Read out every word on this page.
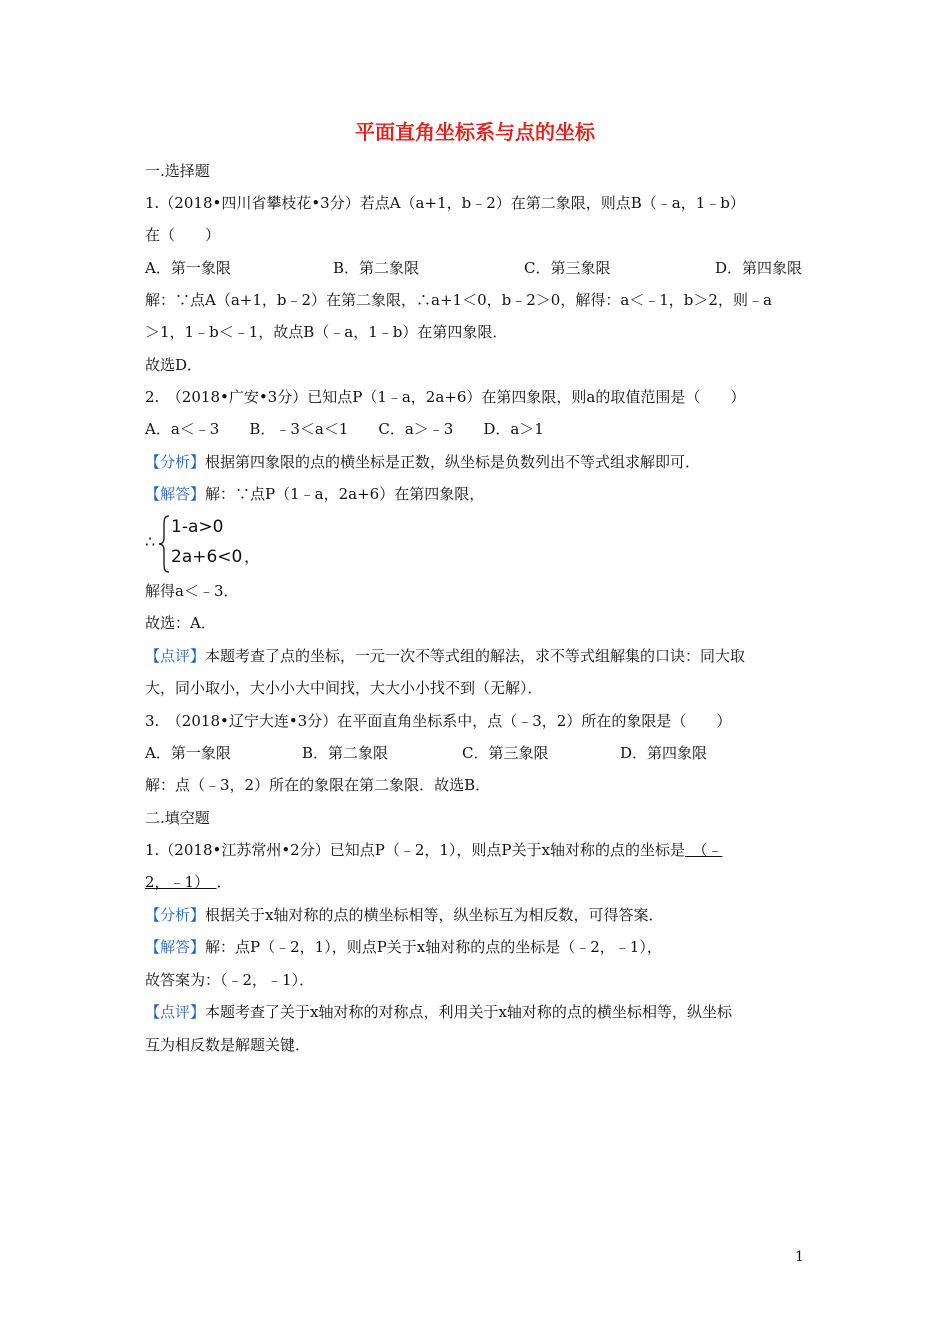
平面直角坐标系与点的坐标
一.选择题
1.（2018•四川省攀枝花•3分）若点A（a+1，b﹣2）在第二象限，则点B（﹣a，1﹣b）
在（　　）
A．第一象限	B．第二象限	C．第三象限	D．第四象限
解：∵点A（a+1，b﹣2）在第二象限，∴a+1＜0，b﹣2＞0，解得：a＜﹣1，b＞2，则﹣a
＞1，1﹣b＜﹣1，故点B（﹣a，1﹣b）在第四象限．
故选D．
2.　（2018•广安•3分）已知点P（1﹣a，2a+6）在第四象限，则a的取值范围是（　　）
A．a＜﹣3　　B．﹣3＜a＜1　　C．a＞﹣3　　D．a＞1
【分析】根据第四象限的点的横坐标是正数，纵坐标是负数列出不等式组求解即可．
【解答】解：∵点P（1﹣a，2a+6）在第四象限，
∴
1-a>0
2a+6<0 ，
解得a＜﹣3．
故选：A．
【点评】本题考查了点的坐标，一元一次不等式组的解法，求不等式组解集的口诀：同大取
大，同小取小，大小小大中间找，大大小小找不到（无解）．
3.　（2018•辽宁大连•3分）在平面直角坐标系中，点（﹣3，2）所在的象限是（　　）
A．第一象限	B．第二象限	C．第三象限	D．第四象限
解：点（﹣3，2）所在的象限在第二象限．故选B．
二.填空题
1.（2018•江苏常州•2分）已知点P（﹣2，1），则点P关于x轴对称的点的坐标是　（﹣
2，﹣1）　．
【分析】根据关于x轴对称的点的横坐标相等，纵坐标互为相反数，可得答案．
【解答】解：点P（﹣2，1），则点P关于x轴对称的点的坐标是（﹣2，﹣1），
故答案为：（﹣2，﹣1）．
【点评】本题考查了关于x轴对称的对称点，利用关于x轴对称的点的横坐标相等，纵坐标
互为相反数是解题关键．
1
